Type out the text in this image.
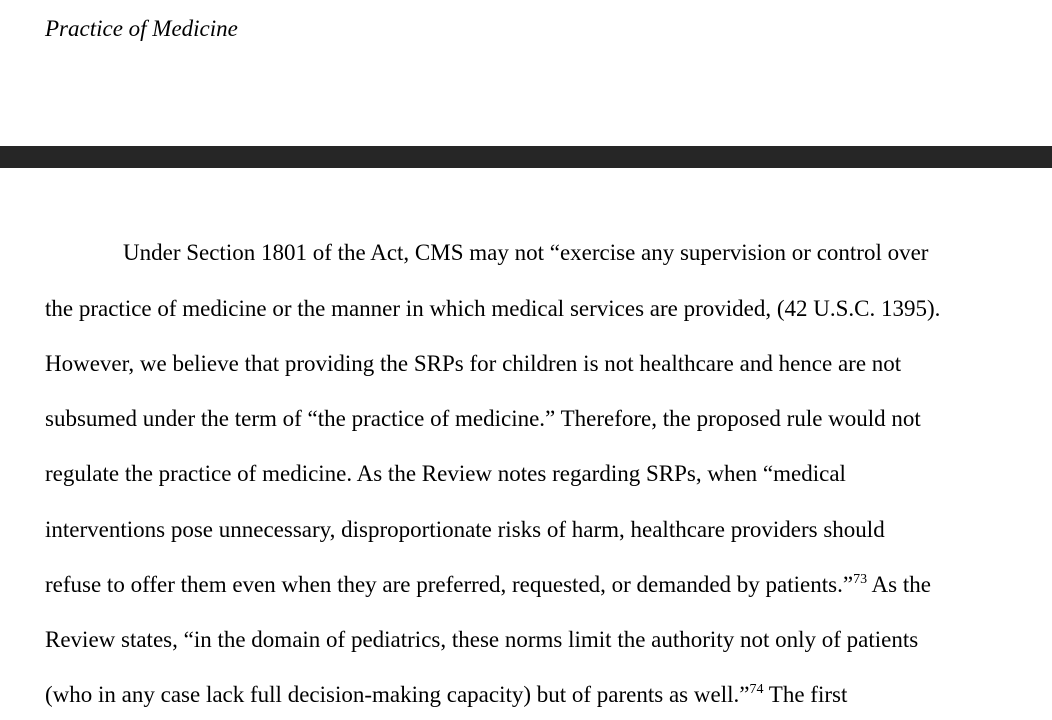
Practice of Medicine
Under Section 1801 of the Act, CMS may not “exercise any supervision or control over
the practice of medicine or the manner in which medical services are provided, (42 U.S.C. 1395).
However, we believe that providing the SRPs for children is not healthcare and hence are not
subsumed under the term of “the practice of medicine.” Therefore, the proposed rule would not
regulate the practice of medicine. As the Review notes regarding SRPs, when “medical
interventions pose unnecessary, disproportionate risks of harm, healthcare providers should
refuse to offer them even when they are preferred, requested, or demanded by patients.”$^{73}$ As the
Review states, “in the domain of pediatrics, these norms limit the authority not only of patients
(who in any case lack full decision-making capacity) but of parents as well.”$^{74}$ The first
